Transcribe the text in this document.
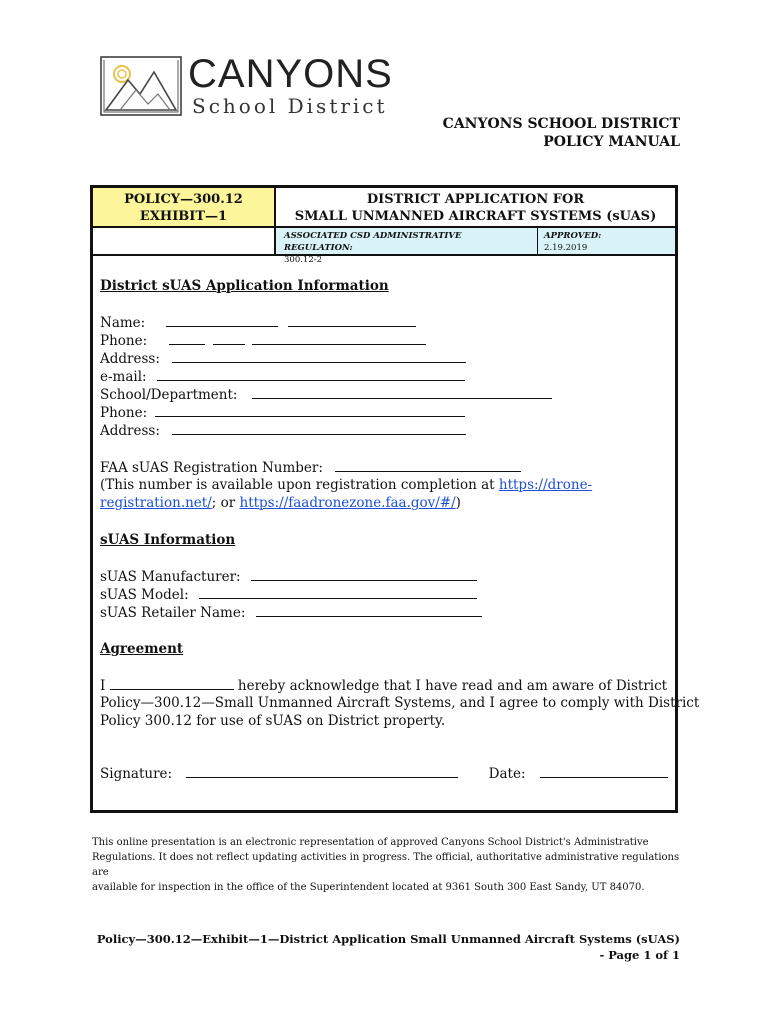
CANYONS
School District
CANYONS SCHOOL DISTRICT
POLICY MANUAL
POLICY—300.12
EXHIBIT—1
DISTRICT APPLICATION FOR
SMALL UNMANNED AIRCRAFT SYSTEMS (sUAS)
ASSOCIATED CSD ADMINISTRATIVE REGULATION:
300.12-2
APPROVED:
2.19.2019
District sUAS Application Information
Name:
Phone:
Address:
e-mail:
School/Department:
Phone:
Address:
FAA sUAS Registration Number:
(This number is available upon registration completion at https://drone-
registration.net/; or https://faadronezone.faa.gov/#/)
sUAS Information
sUAS Manufacturer:
sUAS Model:
sUAS Retailer Name:
Agreement
I	hereby acknowledge that I have read and am aware of District
Policy—300.12—Small Unmanned Aircraft Systems, and I agree to comply with District
Policy 300.12 for use of sUAS on District property.
Signature:	Date:
This online presentation is an electronic representation of approved Canyons School District's Administrative
Regulations. It does not reflect updating activities in progress. The official, authoritative administrative regulations are
available for inspection in the office of the Superintendent located at 9361 South 300 East Sandy, UT 84070.
Policy—300.12—Exhibit—1—District Application Small Unmanned Aircraft Systems (sUAS)
- Page 1 of 1
